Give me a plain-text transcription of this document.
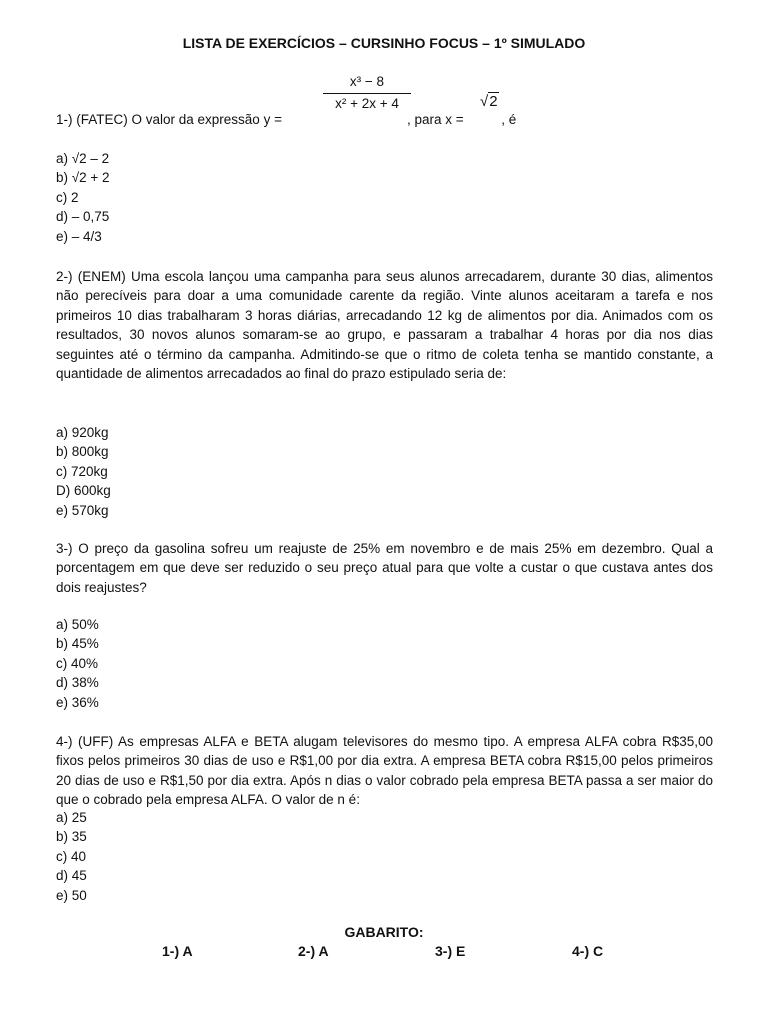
LISTA DE EXERCÍCIOS – CURSINHO FOCUS – 1º SIMULADO
x³ − 8
x² + 2x + 4
1-) (FATEC) O valor da expressão y =	, para x =	, é
√2
a) √2 – 2
b) √2 + 2
c) 2
d) – 0,75
e) – 4/3
2-) (ENEM) Uma escola lançou uma campanha para seus alunos arrecadarem, durante 30 dias, alimentos não perecíveis para doar a uma comunidade carente da região. Vinte alunos aceitaram a tarefa e nos primeiros 10 dias trabalharam 3 horas diárias, arrecadando 12 kg de alimentos por dia. Animados com os resultados, 30 novos alunos somaram-se ao grupo, e passaram a trabalhar 4 horas por dia nos dias seguintes até o término da campanha. Admitindo-se que o ritmo de coleta tenha se mantido constante, a quantidade de alimentos arrecadados ao final do prazo estipulado seria de:
a) 920kg
b) 800kg
c) 720kg
D) 600kg
e) 570kg
3-) O preço da gasolina sofreu um reajuste de 25% em novembro e de mais 25% em dezembro. Qual a porcentagem em que deve ser reduzido o seu preço atual para que volte a custar o que custava antes dos dois reajustes?
a) 50%
b) 45%
c) 40%
d) 38%
e) 36%
4-) (UFF) As empresas ALFA e BETA alugam televisores do mesmo tipo. A empresa ALFA cobra R$35,00 fixos pelos primeiros 30 dias de uso e R$1,00 por dia extra. A empresa BETA cobra R$15,00 pelos primeiros 20 dias de uso e R$1,50 por dia extra. Após n dias o valor cobrado pela empresa BETA passa a ser maior do que o cobrado pela empresa ALFA. O valor de n é:
a) 25
b) 35
c) 40
d) 45
e) 50
GABARITO:
1-) A	2-) A	3-) E	4-) C
